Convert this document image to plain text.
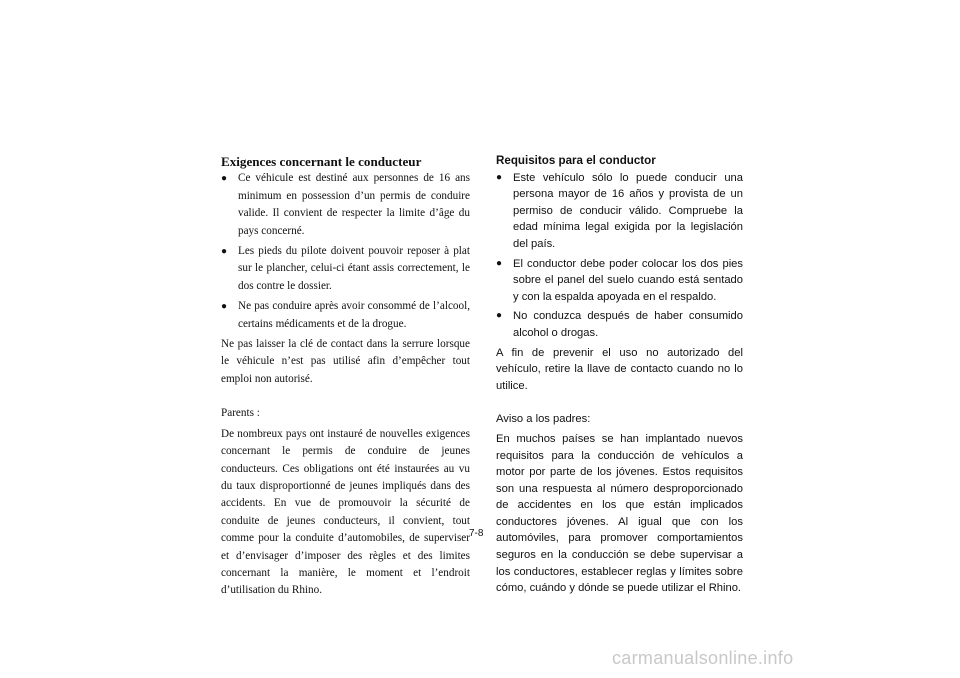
Exigences concernant le conducteur
● Ce véhicule est destiné aux personnes de 16 ans minimum en possession d’un permis de conduire valide. Il convient de respecter la limite d’âge du pays concerné.
● Les pieds du pilote doivent pouvoir reposer à plat sur le plancher, celui-ci étant assis correctement, le dos contre le dossier.
● Ne pas conduire après avoir consommé de l’alcool, certains médicaments et de la drogue.

Ne pas laisser la clé de contact dans la serrure lorsque le véhicule n’est pas utilisé afin d’empêcher tout emploi non autorisé.

Parents :

De nombreux pays ont instauré de nouvelles exigences concernant le permis de conduire de jeunes conducteurs. Ces obligations ont été instaurées au vu du taux disproportionné de jeunes impliqués dans des accidents. En vue de promouvoir la sécurité de conduite de jeunes conducteurs, il convient, tout comme pour la conduite d’automobiles, de superviser et d’envisager d’imposer des règles et des limites concernant la manière, le moment et l’endroit d’utilisation du Rhino.

Requisitos para el conductor
● Este vehículo sólo lo puede conducir una persona mayor de 16 años y provista de un permiso de conducir válido. Compruebe la edad mínima legal exigida por la legislación del país.
● El conductor debe poder colocar los dos pies sobre el panel del suelo cuando está sentado y con la espalda apoyada en el respaldo.
● No conduzca después de haber consumido alcohol o drogas.

A fin de prevenir el uso no autorizado del vehículo, retire la llave de contacto cuando no lo utilice.

Aviso a los padres:

En muchos países se han implantado nuevos requisitos para la conducción de vehículos a motor por parte de los jóvenes. Estos requisitos son una respuesta al número desproporcionado de accidentes en los que están implicados conductores jóvenes. Al igual que con los automóviles, para promover comportamientos seguros en la conducción se debe supervisar a los conductores, establecer reglas y límites sobre cómo, cuándo y dónde se puede utilizar el Rhino.

7-8
carmanualsonline.info
